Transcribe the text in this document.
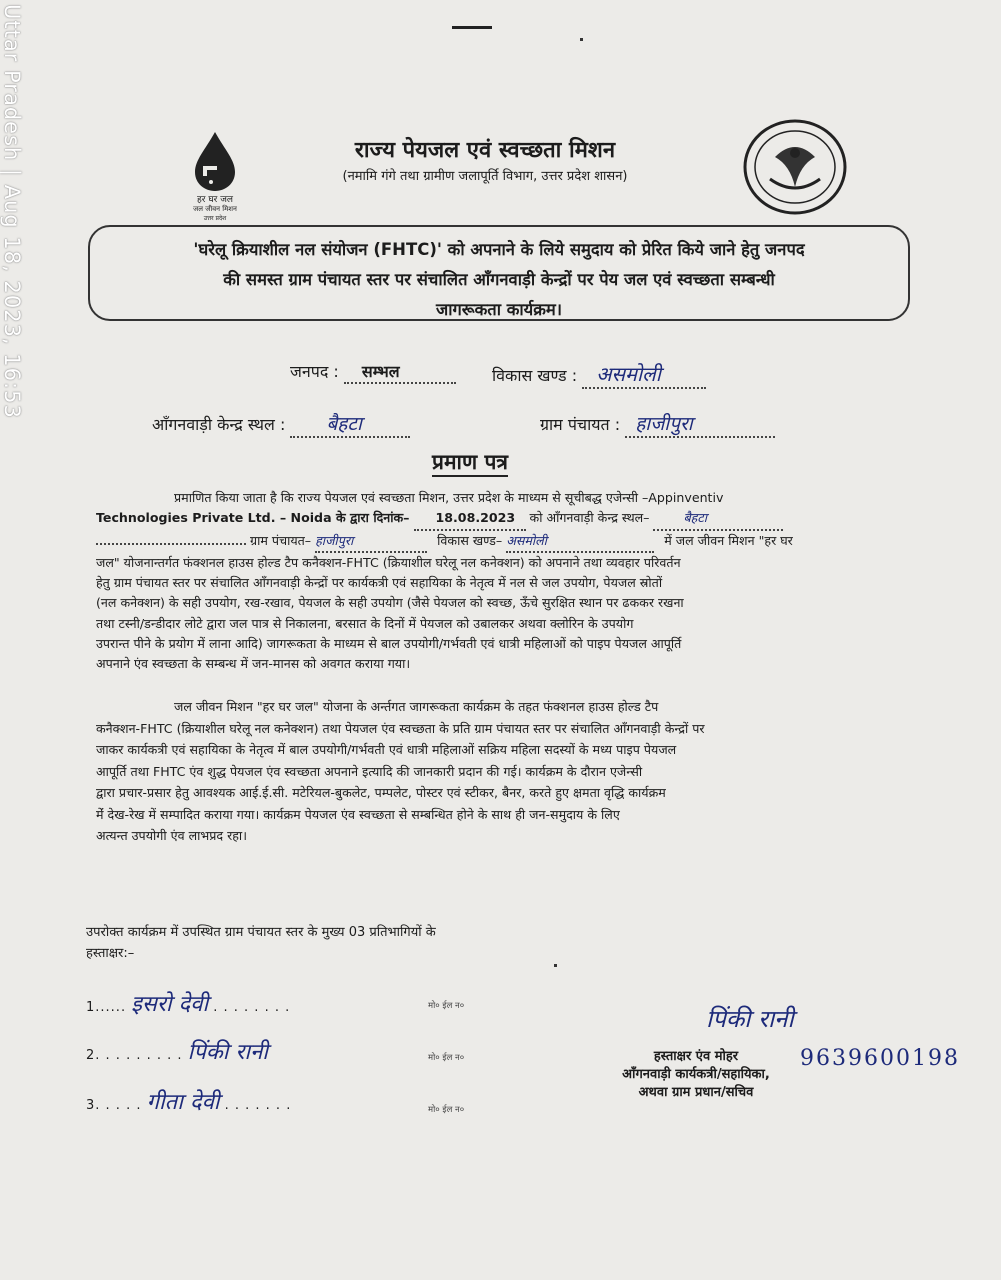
Uttar Pradesh | Aug 18, 2023, 16:53	हर घर जल
जल जीवन मिशन
उत्तर प्रदेश
राज्य पेयजल एवं स्वच्छता मिशन
(नमामि गंगे तथा ग्रामीण जलापूर्ति विभाग, उत्तर प्रदेश शासन)
'घरेलू क्रियाशील नल संयोजन (FHTC)' को अपनाने के लिये समुदाय को प्रेरित किये जाने हेतु जनपद
की समस्त ग्राम पंचायत स्तर पर संचालित आँगनवाड़ी केन्द्रों पर पेय जल एवं स्वच्छता सम्बन्धी
जागरूकता कार्यक्रम।
जनपद : सम्भल	विकास खण्ड : असमोली
आँगनवाड़ी केन्द्र स्थल : बैहटा	ग्राम पंचायत : हाजीपुरा
प्रमाण पत्र
प्रमाणित किया जाता है कि राज्य पेयजल एवं स्वच्छता मिशन, उत्तर प्रदेश के माध्यम से सूचीबद्ध एजेन्सी –Appinventiv
Technologies Private Ltd. – Noida के द्वारा दिनांक– 18.08.2023 को आँगनवाड़ी केन्द्र स्थल–	बैहटा
ग्राम पंचायत– हाजीपुरा	विकास खण्ड– असमोली	में जल जीवन मिशन "हर घर
जल" योजनान्तर्गत फंक्शनल हाउस होल्ड टैप कनैक्शन-FHTC (क्रियाशील घरेलू नल कनेक्शन) को अपनाने तथा व्यवहार परिवर्तन
हेतु ग्राम पंचायत स्तर पर संचालित आँगनवाड़ी केन्द्रों पर कार्यकत्री एवं सहायिका के नेतृत्व में नल से जल उपयोग, पेयजल स्रोतों
(नल कनेक्शन) के सही उपयोग, रख-रखाव, पेयजल के सही उपयोग (जैसे पेयजल को स्वच्छ, ऊँचे सुरक्षित स्थान पर ढककर रखना
तथा टस्नी/डन्डीदार लोटे द्वारा जल पात्र से निकालना, बरसात के दिनों में पेयजल को उबालकर अथवा क्लोरिन के उपयोग
उपरान्त पीने के प्रयोग में लाना आदि) जागरूकता के माध्यम से बाल उपयोगी/गर्भवती एवं धात्री महिलाओं को पाइप पेयजल आपूर्ति
अपनाने एंव स्वच्छता के सम्बन्ध में जन-मानस को अवगत कराया गया।
जल जीवन मिशन "हर घर जल" योजना के अर्न्तगत जागरूकता कार्यक्रम के तहत फंक्शनल हाउस होल्ड टैप
कनैक्शन-FHTC (क्रियाशील घरेलू नल कनेक्शन) तथा पेयजल एंव स्वच्छता के प्रति ग्राम पंचायत स्तर पर संचालित आँगनवाड़ी केन्द्रों पर
जाकर कार्यकत्री एवं सहायिका के नेतृत्व में बाल उपयोगी/गर्भवती एवं धात्री महिलाओं सक्रिय महिला सदस्यों के मध्य पाइप पेयजल
आपूर्ति तथा FHTC एंव शुद्ध पेयजल एंव स्वच्छता अपनाने इत्यादि की जानकारी प्रदान की गई। कार्यक्रम के दौरान एजेन्सी
द्वारा प्रचार-प्रसार हेतु आवश्यक आई.ई.सी. मटेरियल-बुकलेट, पम्पलेट, पोस्टर एवं स्टीकर, बैनर, करते हुए क्षमता वृद्धि कार्यक्रम
मेंं देख-रेख में सम्पादित कराया गया। कार्यक्रम पेयजल एंव स्वच्छता से सम्बन्धित होने के साथ ही जन-समुदाय के लिए
अत्यन्त उपयोगी एंव लाभप्रद रहा।
उपरोक्त कार्यक्रम में उपस्थित ग्राम पंचायत स्तर के मुख्य 03 प्रतिभागियों के
हस्ताक्षर:–
1...... इसरो देवी . . . . . . . .	मो० ईल न०
2. . . . . . . . . पिंकी रानी	मो० ईल न०
3. . . . . गीता देवी . . . . . . .	मो० ईल न०
पिंकी रानी
9639600198
हस्ताक्षर एंव मोहर
आँगनवाड़ी कार्यकत्री/सहायिका,
अथवा ग्राम प्रधान/सचिव
